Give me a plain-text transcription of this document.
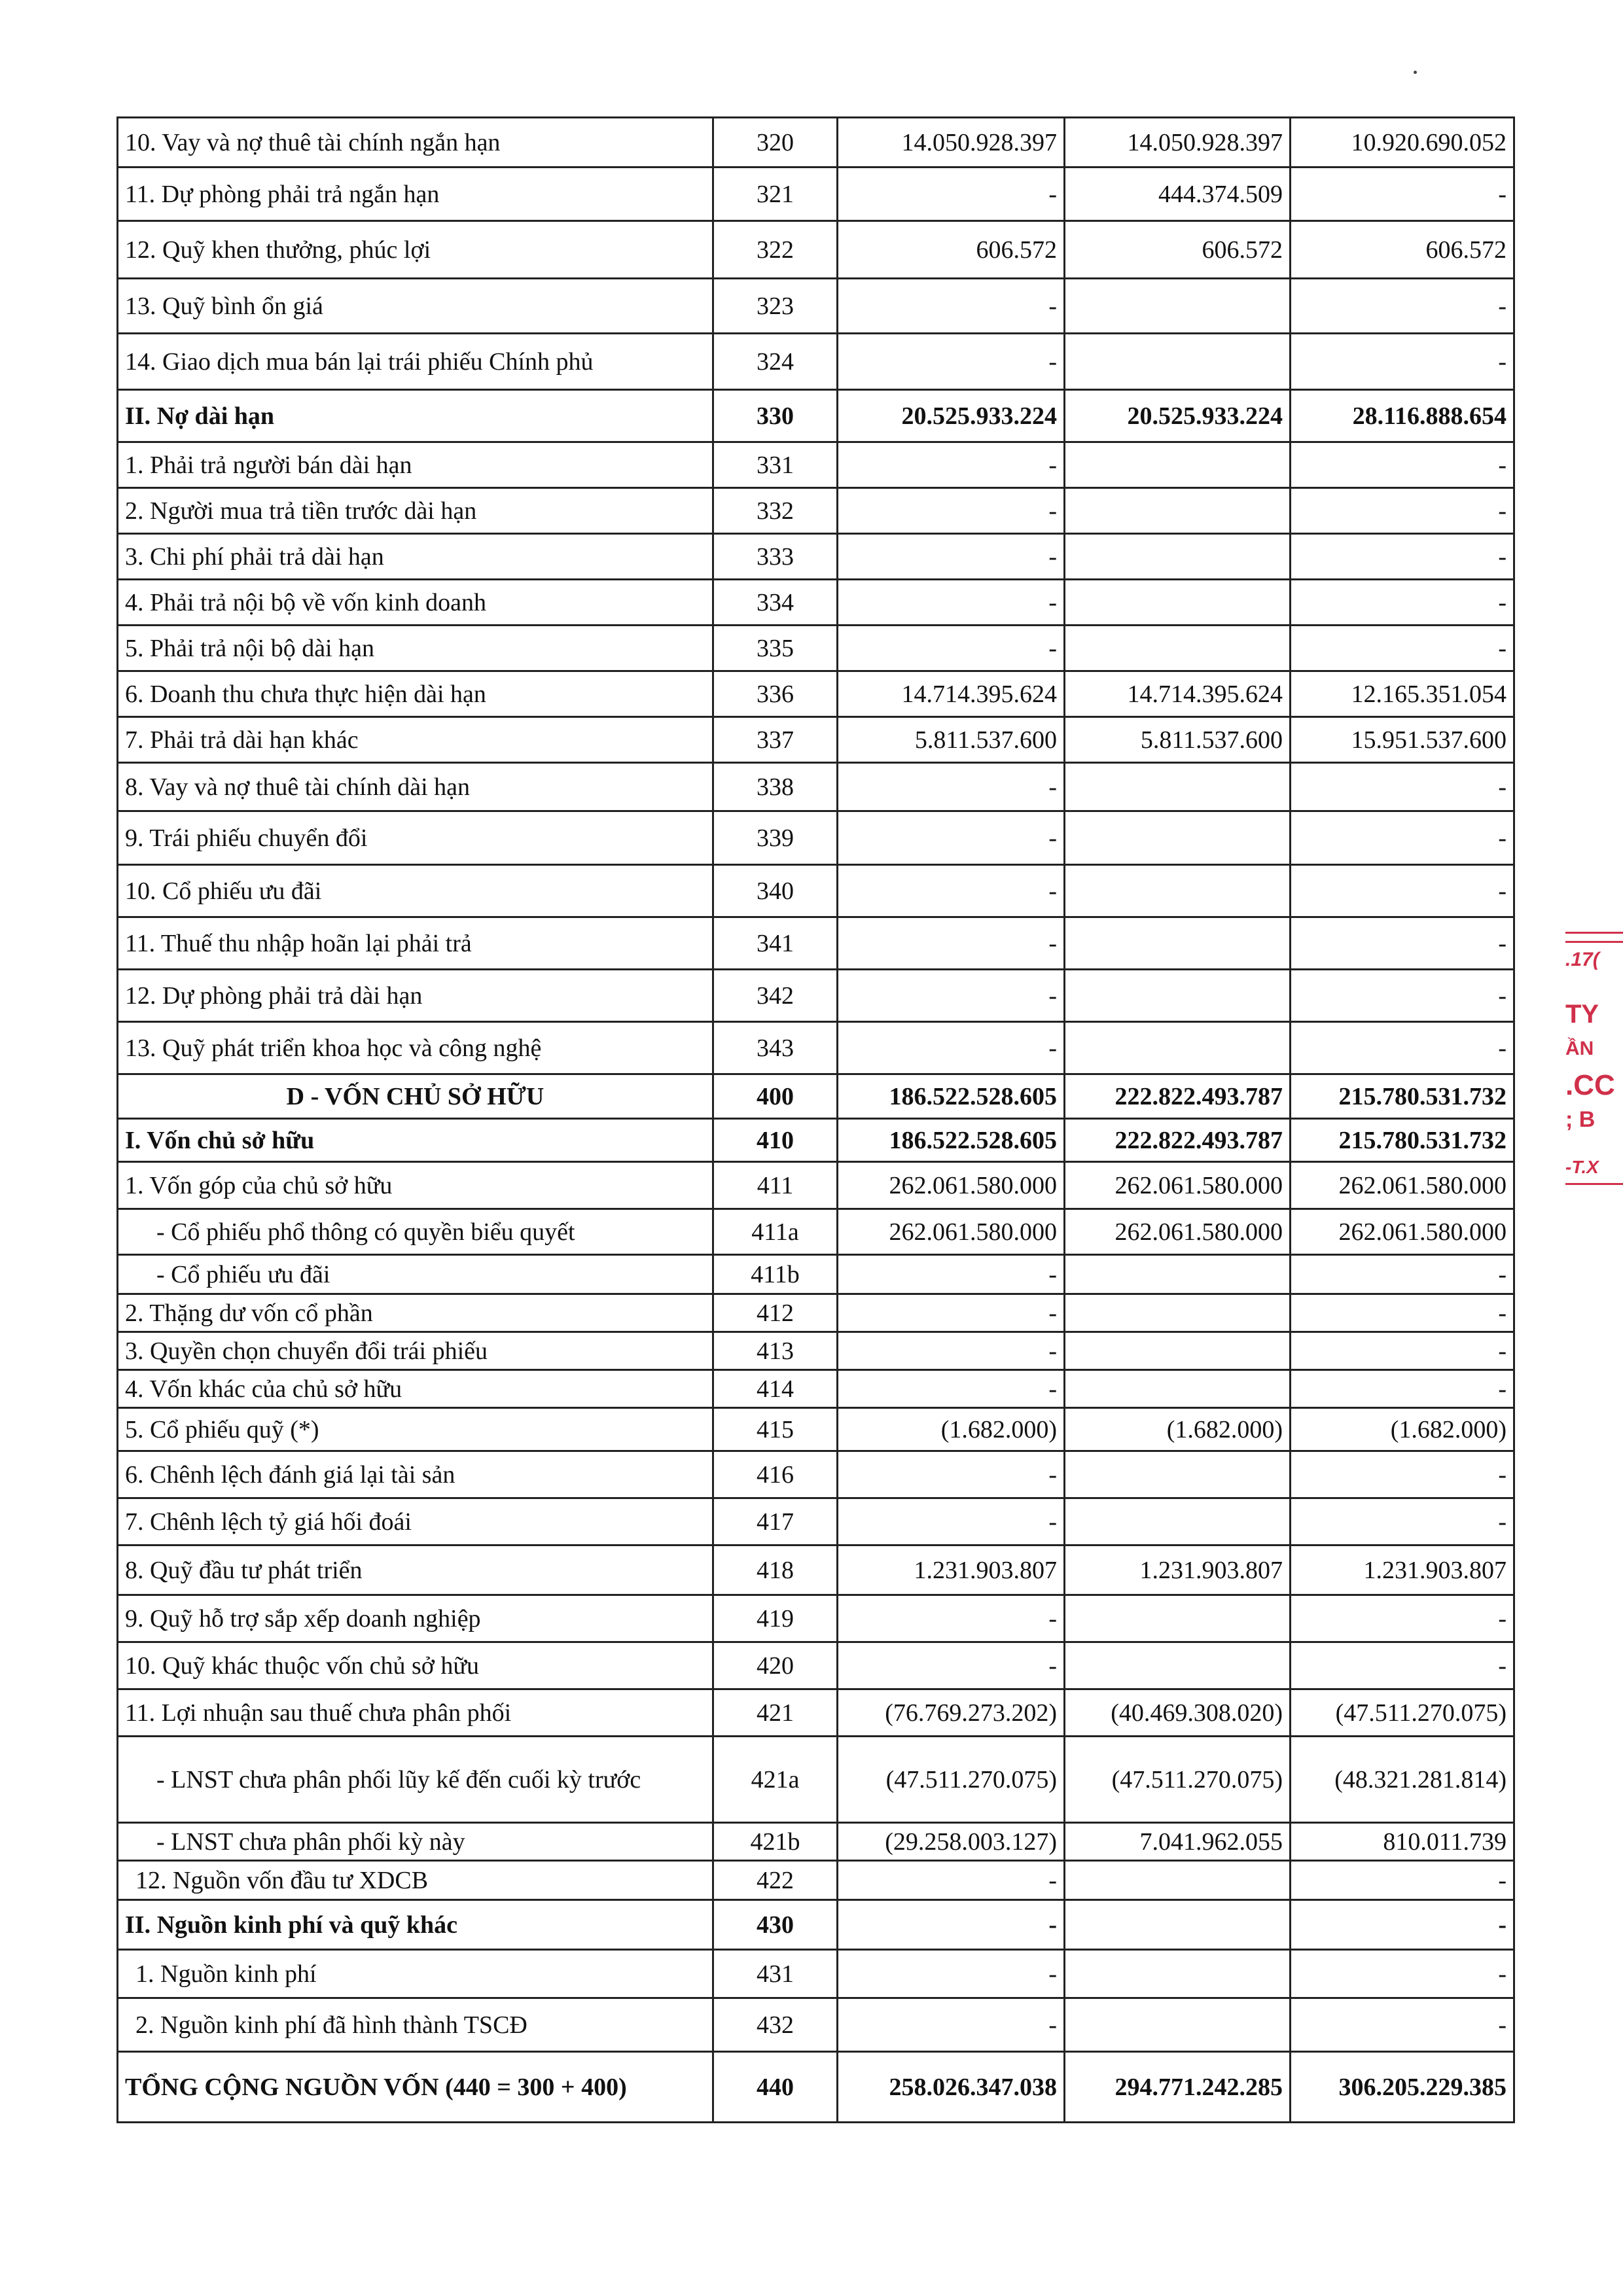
10. Vay và nợ thuê tài chính ngắn hạn	320	14.050.928.397	14.050.928.397	10.920.690.052
11. Dự phòng phải trả ngắn hạn	321	-	444.374.509	-
12. Quỹ khen thưởng, phúc lợi	322	606.572	606.572	606.572
13. Quỹ bình ổn giá	323	-		-
14. Giao dịch mua bán lại trái phiếu Chính phủ	324	-		-
II. Nợ dài hạn	330	20.525.933.224	20.525.933.224	28.116.888.654
1. Phải trả người bán dài hạn	331	-		-
2. Người mua trả tiền trước dài hạn	332	-		-
3. Chi phí phải trả dài hạn	333	-		-
4. Phải trả nội bộ về vốn kinh doanh	334	-		-
5. Phải trả nội bộ dài hạn	335	-		-
6. Doanh thu chưa thực hiện dài hạn	336	14.714.395.624	14.714.395.624	12.165.351.054
7. Phải trả dài hạn khác	337	5.811.537.600	5.811.537.600	15.951.537.600
8. Vay và nợ thuê tài chính dài hạn	338	-		-
9. Trái phiếu chuyển đổi	339	-		-
10. Cổ phiếu ưu đãi	340	-		-
11. Thuế thu nhập hoãn lại phải trả	341	-		-
12. Dự phòng phải trả dài hạn	342	-		-
13. Quỹ phát triển khoa học và công nghệ	343	-		-
D - VỐN CHỦ SỞ HỮU	400	186.522.528.605	222.822.493.787	215.780.531.732
I. Vốn chủ sở hữu	410	186.522.528.605	222.822.493.787	215.780.531.732
1. Vốn góp của chủ sở hữu	411	262.061.580.000	262.061.580.000	262.061.580.000
- Cổ phiếu phổ thông có quyền biểu quyết	411a	262.061.580.000	262.061.580.000	262.061.580.000
- Cổ phiếu ưu đãi	411b	-		-
2. Thặng dư vốn cổ phần	412	-		-
3. Quyền chọn chuyển đổi trái phiếu	413	-		-
4. Vốn khác của chủ sở hữu	414	-		-
5. Cổ phiếu quỹ (*)	415	(1.682.000)	(1.682.000)	(1.682.000)
6. Chênh lệch đánh giá lại tài sản	416	-		-
7. Chênh lệch tỷ giá hối đoái	417	-		-
8. Quỹ đầu tư phát triển	418	1.231.903.807	1.231.903.807	1.231.903.807
9. Quỹ hỗ trợ sắp xếp doanh nghiệp	419	-		-
10. Quỹ khác thuộc vốn chủ sở hữu	420	-		-
11. Lợi nhuận sau thuế chưa phân phối	421	(76.769.273.202)	(40.469.308.020)	(47.511.270.075)
- LNST chưa phân phối lũy kế đến cuối kỳ trước	421a	(47.511.270.075)	(47.511.270.075)	(48.321.281.814)
- LNST chưa phân phối kỳ này	421b	(29.258.003.127)	7.041.962.055	810.011.739
12. Nguồn vốn đầu tư XDCB	422	-		-
II. Nguồn kinh phí và quỹ khác	430	-		-
1. Nguồn kinh phí	431	-		-
2. Nguồn kinh phí đã hình thành TSCĐ	432	-		-
TỔNG CỘNG NGUỒN VỐN (440 = 300 + 400)	440	258.026.347.038	294.771.242.285	306.205.229.385
.17(
TY
ẦN
.CC
; B
-T.X
